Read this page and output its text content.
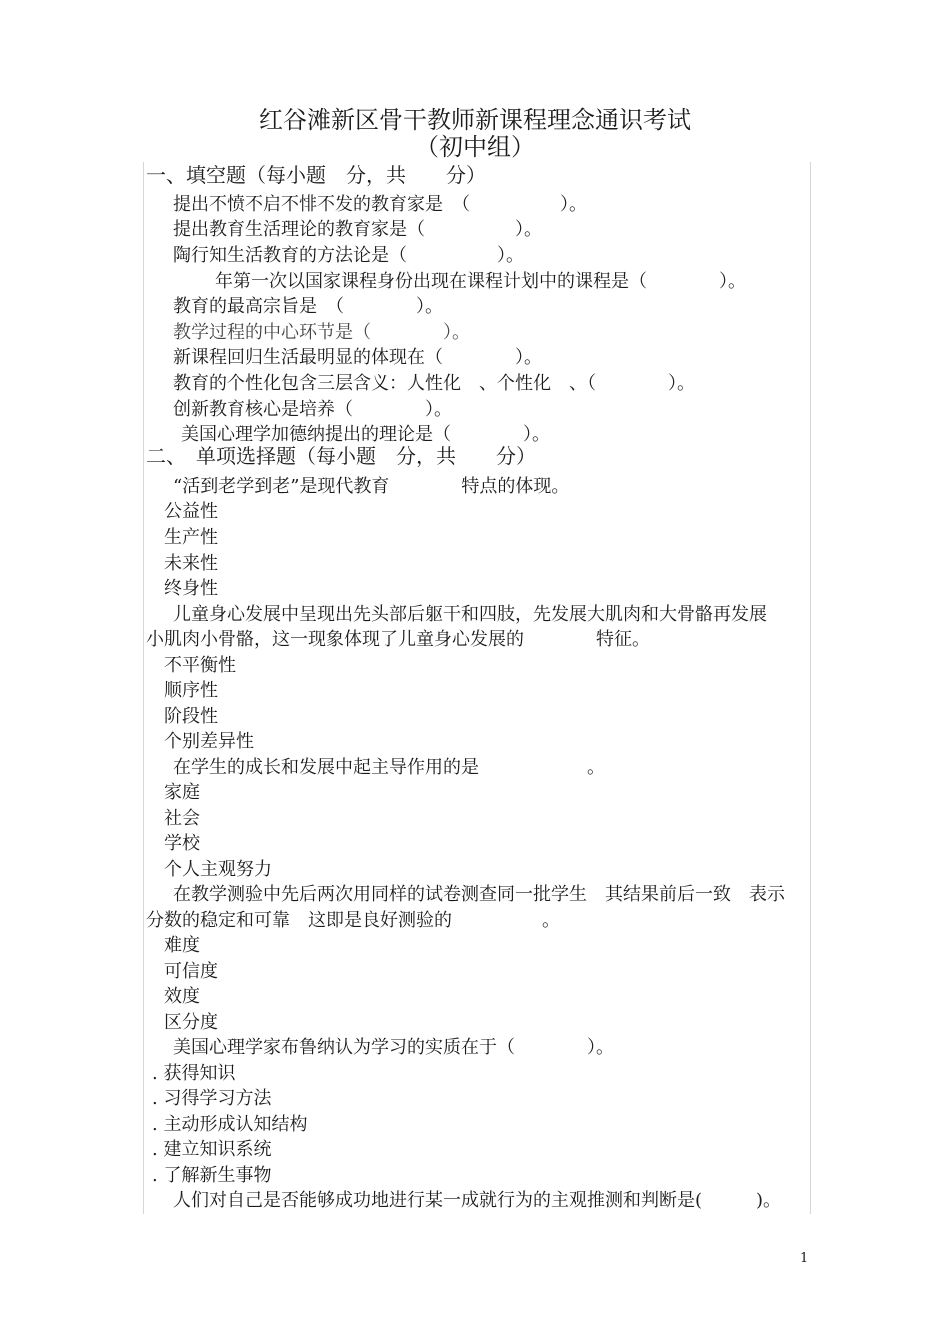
红谷滩新区骨干教师新课程理念通识考试
（初中组）
一、填空题（每小题　分，共　　分）
提出不愤不启不悱不发的教育家是　（　　　　　）。
提出教育生活理论的教育家是（　　　　　）。
陶行知生活教育的方法论是（　　　　　）。
年第一次以国家课程身份出现在课程计划中的课程是（　　　　）。
教育的最高宗旨是　（　　　　）。
教学过程的中心环节是（　　　　）。
新课程回归生活最明显的体现在（　　　　）。
教育的个性化包含三层含义：人性化　、个性化　、（　　　　）。
创新教育核心是培养（　　　　）。
美国心理学加德纳提出的理论是（　　　　）。
二、　单项选择题（每小题　分，共　　分）
“活到老学到老”是现代教育　　　　特点的体现。
公益性
生产性
未来性
终身性
儿童身心发展中呈现出先头部后躯干和四肢，先发展大肌肉和大骨骼再发展
小肌肉小骨骼，这一现象体现了儿童身心发展的　　　　特征。
不平衡性
顺序性
阶段性
个别差异性
在学生的成长和发展中起主导作用的是　　　　　　。
家庭
社会
学校
个人主观努力
在教学测验中先后两次用同样的试卷测查同一批学生　其结果前后一致　表示
分数的稳定和可靠　这即是良好测验的　　　　　。
难度
可信度
效度
区分度
美国心理学家布鲁纳认为学习的实质在于（　　　　）。
. 获得知识
. 习得学习方法
. 主动形成认知结构
. 建立知识系统
. 了解新生事物
人们对自己是否能够成功地进行某一成就行为的主观推测和判断是(　　　)。
1
